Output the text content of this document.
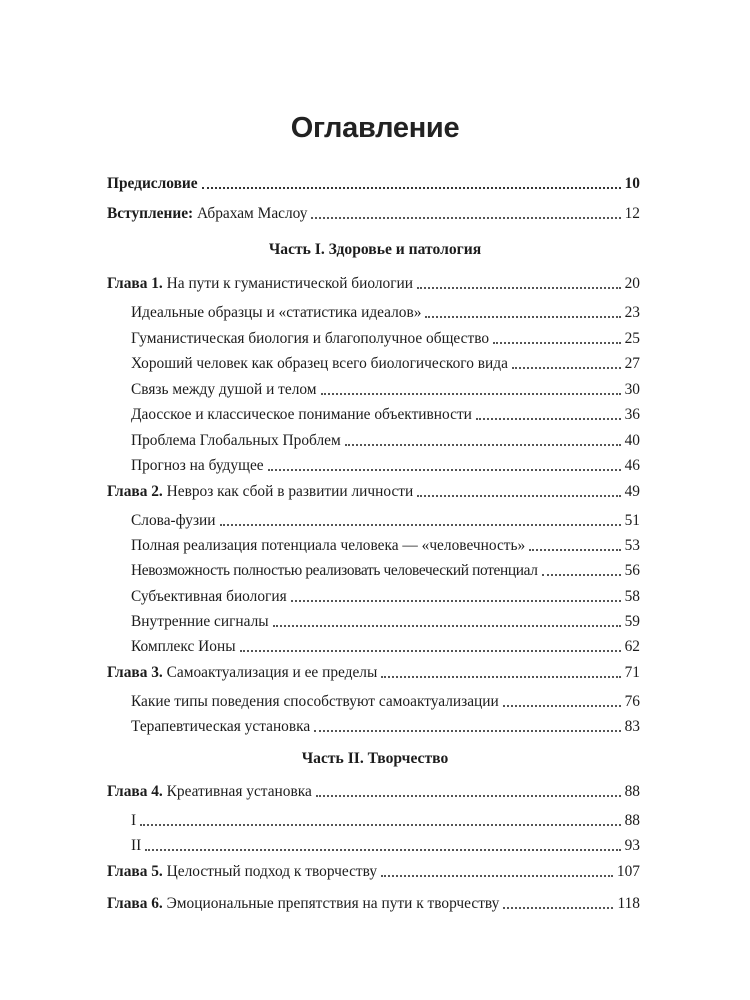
Оглавление
Предисловие	10
Вступление: Абрахам Маслоу	12
Часть I. Здоровье и патология
Глава 1. На пути к гуманистической биологии	20
Идеальные образцы и «статистика идеалов»	23
Гуманистическая биология и благополучное общество	25
Хороший человек как образец всего биологического вида	27
Связь между душой и телом	30
Даосское и классическое понимание объективности	36
Проблема Глобальных Проблем	40
Прогноз на будущее	46
Глава 2. Невроз как сбой в развитии личности	49
Слова-фузии	51
Полная реализация потенциала человека — «человечность»	53
Невозможность полностью реализовать человеческий потенциал	56
Субъективная биология	58
Внутренние сигналы	59
Комплекс Ионы	62
Глава 3. Самоактуализация и ее пределы	71
Какие типы поведения способствуют самоактуализации	76
Терапевтическая установка	83
Часть II. Творчество
Глава 4. Креативная установка	88
I	88
II	93
Глава 5. Целостный подход к творчеству	107
Глава 6. Эмоциональные препятствия на пути к творчеству	118
